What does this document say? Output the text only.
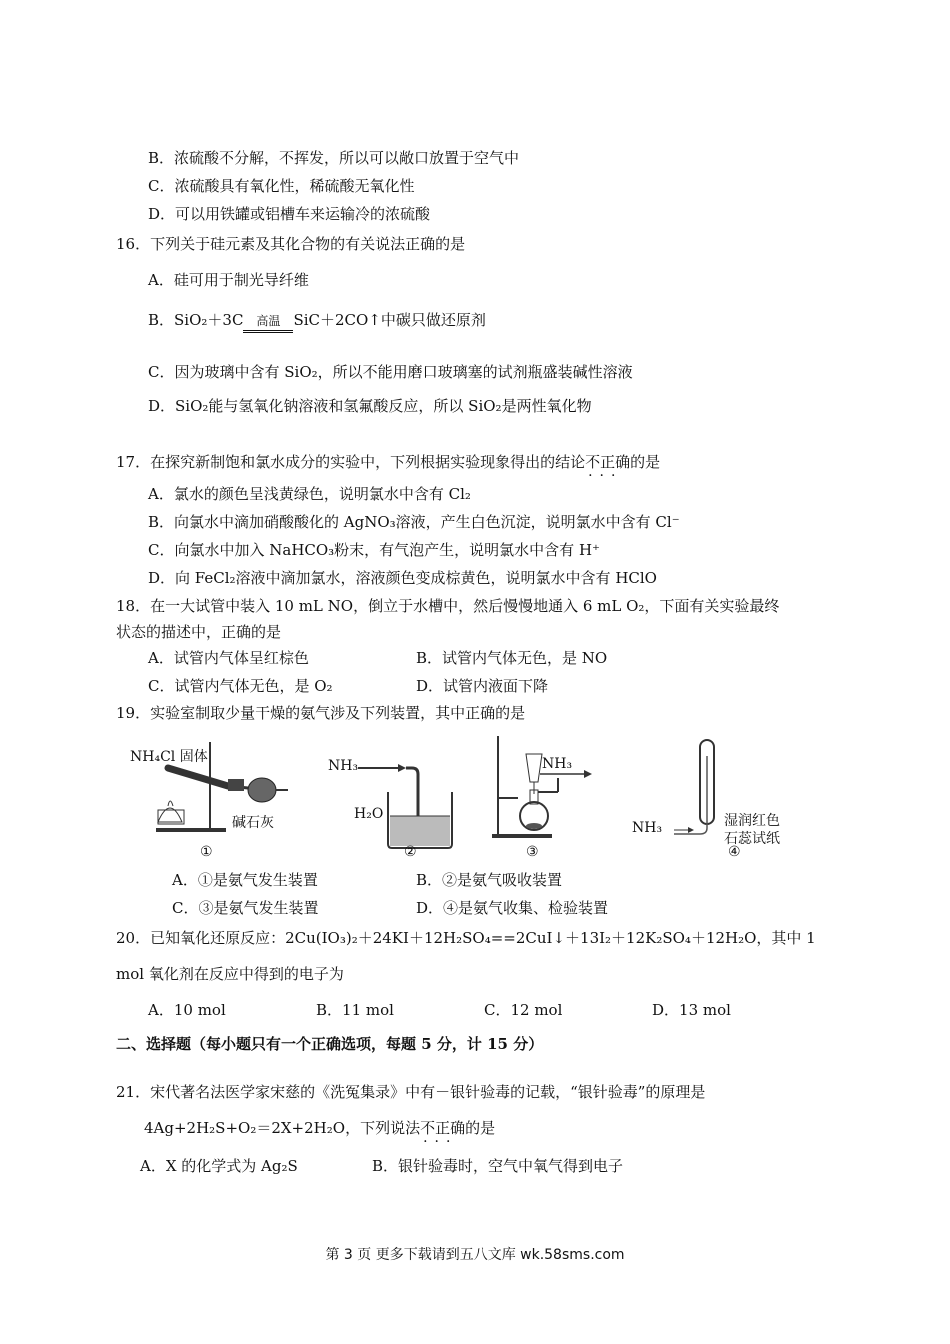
B．浓硫酸不分解，不挥发，所以可以敞口放置于空气中
C．浓硫酸具有氧化性，稀硫酸无氧化性
D．可以用铁罐或铝槽车来运输冷的浓硫酸
16．下列关于硅元素及其化合物的有关说法正确的是
A．硅可用于制光导纤维
B．SiO₂＋3C 高温 SiC＋2CO↑中碳只做还原剂
C．因为玻璃中含有 SiO₂，所以不能用磨口玻璃塞的试剂瓶盛装碱性溶液
D．SiO₂能与氢氧化钠溶液和氢氟酸反应，所以 SiO₂是两性氧化物
17．在探究新制饱和氯水成分的实验中，下列根据实验现象得出的结论不正确 · · ·的是
A．氯水的颜色呈浅黄绿色，说明氯水中含有 Cl₂
B．向氯水中滴加硝酸酸化的 AgNO₃溶液，产生白色沉淀，说明氯水中含有 Cl⁻
C．向氯水中加入 NaHCO₃粉末，有气泡产生，说明氯水中含有 H⁺
D．向 FeCl₂溶液中滴加氯水，溶液颜色变成棕黄色，说明氯水中含有 HClO
18．在一大试管中装入 10 mL NO，倒立于水槽中，然后慢慢地通入 6 mL O₂，下面有关实验最终
状态的描述中，正确的是
A．试管内气体呈红棕色	B．试管内气体无色，是 NO
C．试管内气体无色，是 O₂	D．试管内液面下降
19．实验室制取少量干燥的氨气涉及下列装置，其中正确的是
NH₄Cl 固体
碱石灰
①
NH₃
H₂O
②
NH₃
③
NH₃	湿润红色
石蕊试纸
④
A．①是氨气发生装置	B．②是氨气吸收装置
C．③是氨气发生装置	D．④是氨气收集、检验装置
20．已知氧化还原反应：2Cu(IO₃)₂＋24KI＋12H₂SO₄==2CuI↓＋13I₂＋12K₂SO₄＋12H₂O，其中 1
mol 氧化剂在反应中得到的电子为
A．10 mol	B．11 mol	C．12 mol	D．13 mol
二、选择题（每小题只有一个正确选项，每题 5 分，计 15 分）
21．宋代著名法医学家宋慈的《洗冤集录》中有－银针验毒的记载，“银针验毒”的原理是
4Ag+2H₂S+O₂＝2X+2H₂O，下列说法不正确 · · ·的是
A．X 的化学式为 Ag₂S	B．银针验毒时，空气中氧气得到电子
第 3 页 更多下载请到五八文库 wk.58sms.com
